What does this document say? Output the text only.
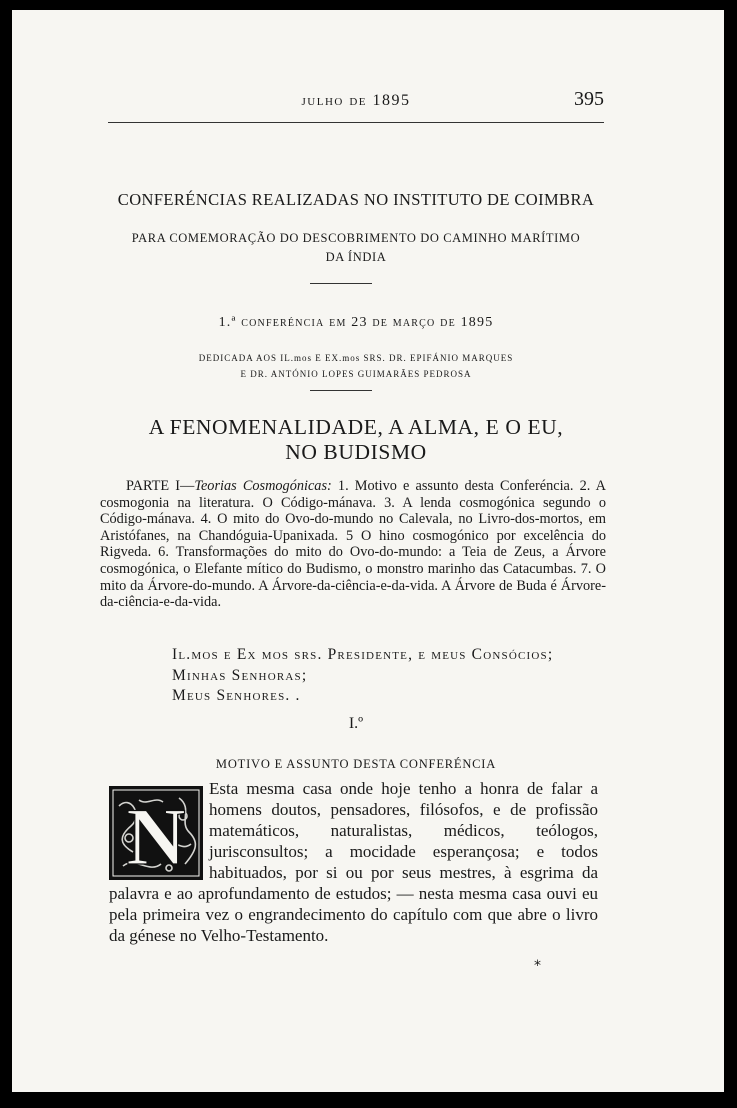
julho de 1895	395
CONFERÉNCIAS REALIZADAS NO INSTITUTO DE COIMBRA
PARA COMEMORAÇÃO DO DESCOBRIMENTO DO CAMINHO MARÍTIMO
DA ÍNDIA
1.ª conferéncia em 23 de março de 1895
DEDICADA AOS IL.mos E EX.mos SRS. DR. EPIFÁNIO MARQUES
E DR. ANTÓNIO LOPES GUIMARÃES PEDROSA
A FENOMENALIDADE, A ALMA, E O EU,
NO BUDISMO
PARTE I—Teorias Cosmogónicas: 1. Motivo e assunto desta Conferéncia. 2. A cosmogonia na literatura. O Código-mánava. 3. A lenda cosmogónica segundo o Código-mánava. 4. O mito do Ovo-do-mundo no Calevala, no Livro-dos-mortos, em Aristófanes, na Chandóguia-Upanixada. 5 O hino cosmogónico por excelência do Rigveda. 6. Transformações do mito do Ovo-do-mundo: a Teia de Zeus, a Árvore cosmogónica, o Elefante mítico do Budismo, o monstro marinho das Catacumbas. 7. O mito da Árvore-do-mundo. A Árvore-da-ciência-e-da-vida. A Árvore de Buda é Árvore-da-ciência-e-da-vida.
Il.mos e Ex mos srs. Presidente, e meus Consócios;
Minhas Senhoras;
Meus Senhores. .
I.º
MOTIVO E ASSUNTO DESTA CONFERÉNCIA
Esta mesma casa onde hoje tenho a honra de falar a homens doutos, pensadores, filósofos, e de profissão matemáticos, naturalistas, médicos, teólogos, jurisconsultos; a mocidade esperançosa; e todos habituados, por si ou por seus mestres, à esgrima da palavra e ao aprofundamento de estudos; — nesta mesma casa ouvi eu pela primeira vez o engrandecimento do capítulo com que abre o livro da génese no Velho-Testamento.
N
*
